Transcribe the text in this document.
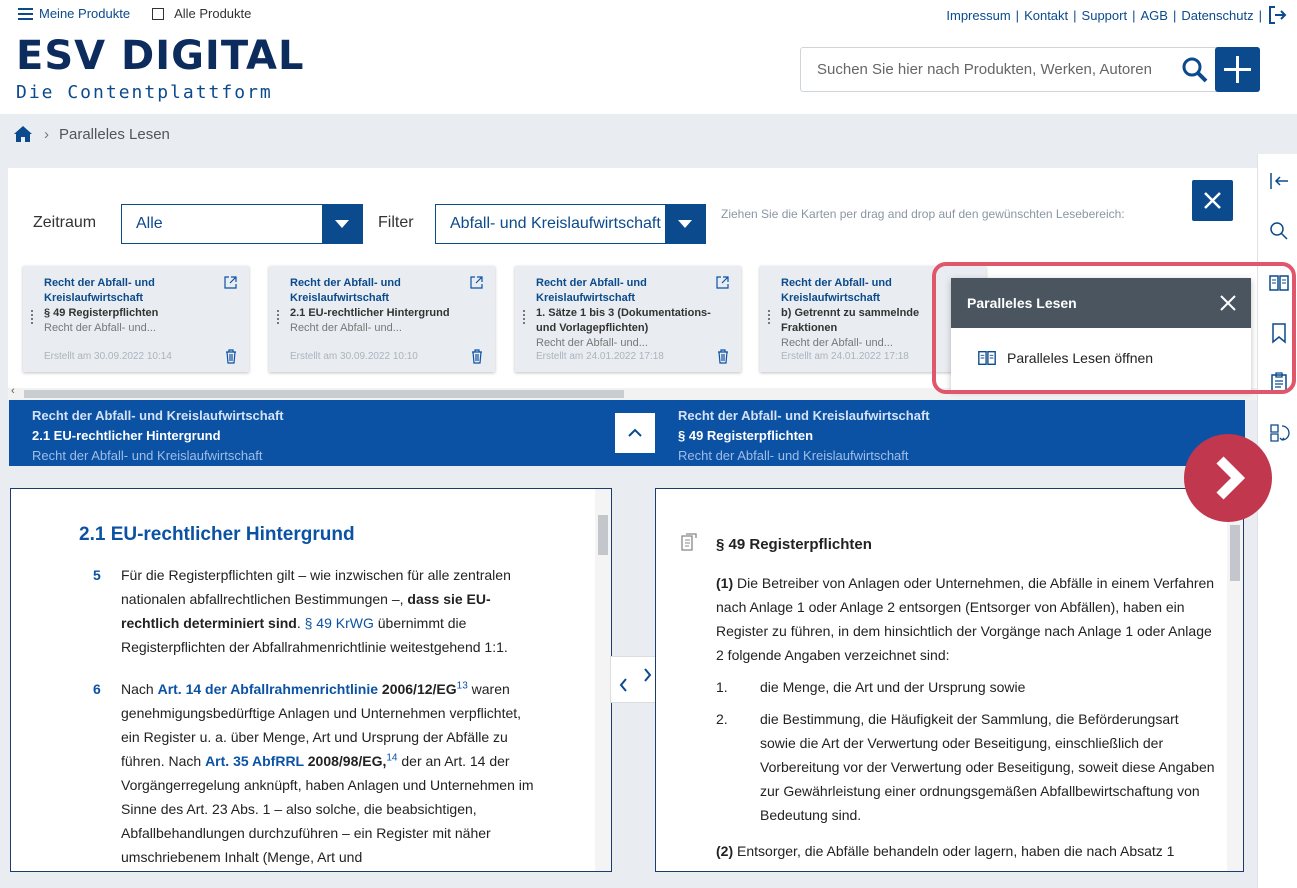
Meine Produkte	Alle Produkte	Impressum | Kontakt | Support | AGB | Datenschutz |
ESV DIGITAL
Die Contentplattform
Suchen Sie hier nach Produkten, Werken, Autoren
› Paralleles Lesen
Zeitraum Alle	Filter Abfall- und Kreislaufwirtschaft
Ziehen Sie die Karten per drag and drop auf den gewünschten Lesebereich:
Recht der Abfall- und
Kreislaufwirtschaft
§ 49 Registerpflichten
Recht der Abfall- und...
Erstellt am 30.09.2022 10:14
Recht der Abfall- und
Kreislaufwirtschaft
2.1 EU-rechtlicher Hintergrund
Recht der Abfall- und...
Erstellt am 30.09.2022 10:10
Recht der Abfall- und
Kreislaufwirtschaft
1. Sätze 1 bis 3 (Dokumentations-
und Vorlagepflichten)
Recht der Abfall- und...
Erstellt am 24.01.2022 17:18
Recht der Abfall- und
Kreislaufwirtschaft
b) Getrennt zu sammelnde
Fraktionen
Recht der Abfall- und...
Erstellt am 24.01.2022 17:18
‹
Recht der Abfall- und Kreislaufwirtschaft
2.1 EU-rechtlicher Hintergrund
Recht der Abfall- und Kreislaufwirtschaft
Recht der Abfall- und Kreislaufwirtschaft
§ 49 Registerpflichten
Recht der Abfall- und Kreislaufwirtschaft
2.1 EU-rechtlicher Hintergrund
5 Für die Registerpflichten gilt – wie inzwischen für alle zentralen nationalen abfallrechtlichen Bestimmungen –, dass sie EU-rechtlich determiniert sind. § 49 KrWG übernimmt die Registerpflichten der Abfallrahmenrichtlinie weitestgehend 1:1.
6 Nach Art. 14 der Abfallrahmenrichtlinie 2006/12/EG$^{13}$ waren genehmigungsbedürftige Anlagen und Unternehmen verpflichtet, ein Register u. a. über Menge, Art und Ursprung der Abfälle zu führen. Nach Art. 35 AbfRRL 2008/98/EG,$^{14}$ der an Art. 14 der Vorgängerregelung anknüpft, haben Anlagen und Unternehmen im Sinne des Art. 23 Abs. 1 – also solche, die beabsichtigen, Abfallbehandlungen durchzuführen – ein Register mit näher umschriebenem Inhalt (Menge, Art und
§ 49 Registerpflichten
(1) Die Betreiber von Anlagen oder Unternehmen, die Abfälle in einem Verfahren nach Anlage 1 oder Anlage 2 entsorgen (Entsorger von Abfällen), haben ein Register zu führen, in dem hinsichtlich der Vorgänge nach Anlage 1 oder Anlage 2 folgende Angaben verzeichnet sind:
1. die Menge, die Art und der Ursprung sowie
2. die Bestimmung, die Häufigkeit der Sammlung, die Beförderungsart sowie die Art der Verwertung oder Beseitigung, einschließlich der Vorbereitung vor der Verwertung oder Beseitigung, soweit diese Angaben zur Gewährleistung einer ordnungsgemäßen Abfallbewirtschaftung von Bedeutung sind.
(2) Entsorger, die Abfälle behandeln oder lagern, haben die nach Absatz 1
Paralleles Lesen
Paralleles Lesen öffnen
